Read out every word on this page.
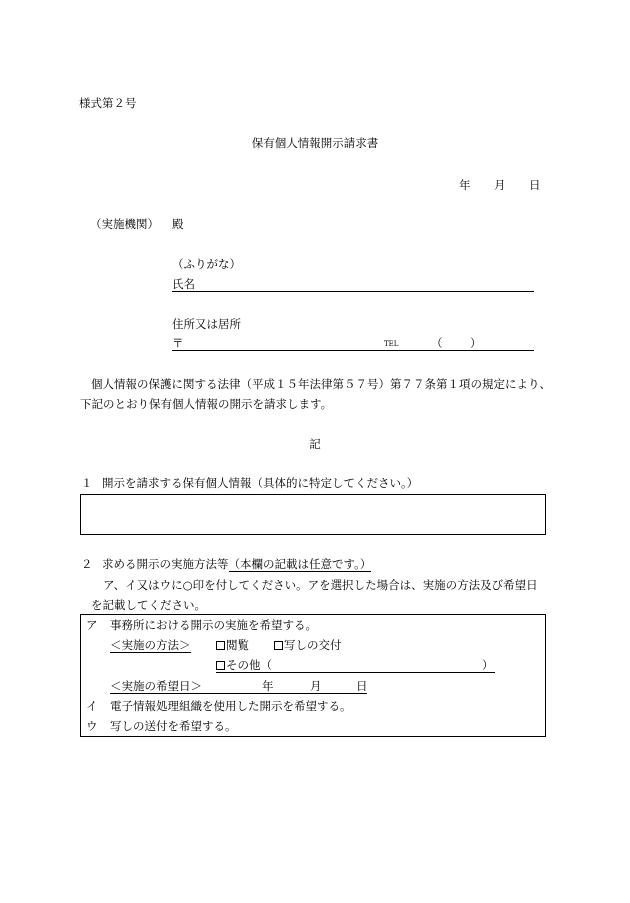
様式第２号
保有個人情報開示請求書
年 月 日
（実施機関） 殿
（ふりがな）
氏名
住所又は居所
〒	TEL	（ ）
個人情報の保護に関する法律（平成１５年法律第５７号）第７７条第１項の規定により、
下記のとおり保有個人情報の開示を請求します。
記
１ 開示を請求する保有個人情報（具体的に特定してください。）
２ 求める開示の実施方法等（本欄の記載は任意です。）
ア、イ又はウに○印を付してください。アを選択した場合は、実施の方法及び希望日
を記載してください。
ア 事務所における開示の実施を希望する。
＜実施の方法＞	閲覧	写しの交付
その他（	）
＜実施の希望日＞	年	月	日
イ 電子情報処理組織を使用した開示を希望する。
ウ 写しの送付を希望する。
